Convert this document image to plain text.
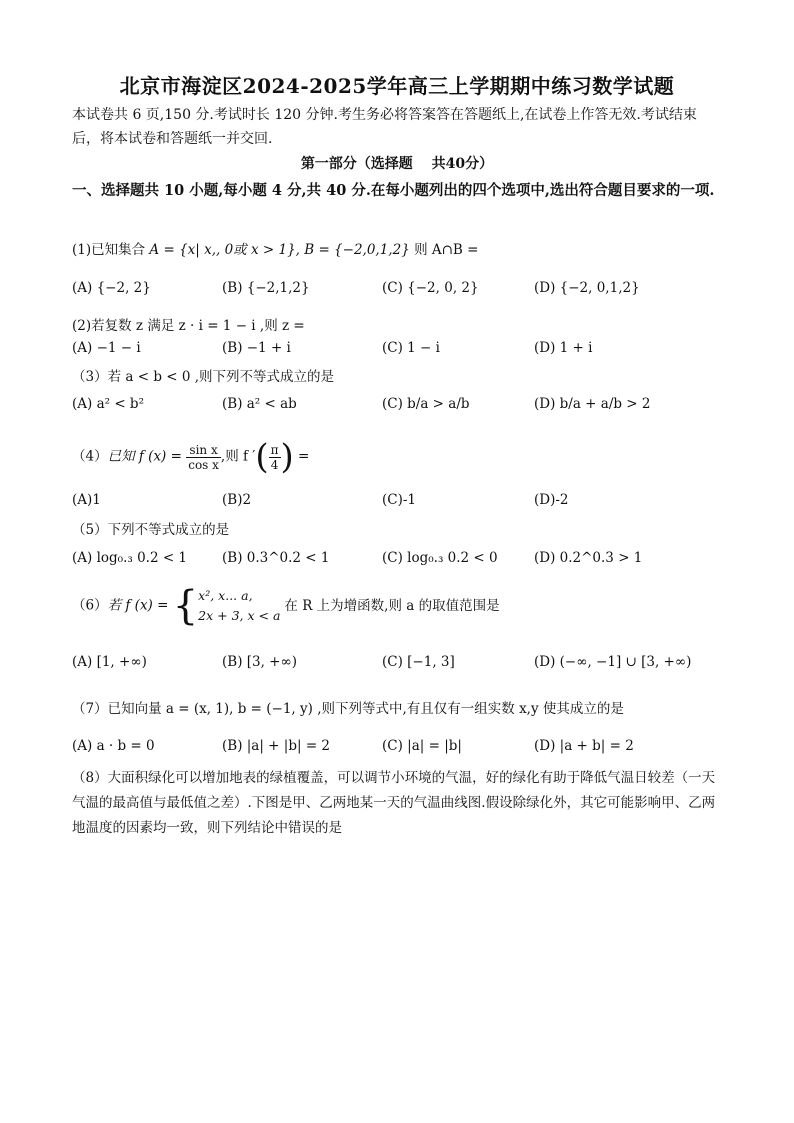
北京市海淀区2024-2025学年高三上学期期中练习数学试题
本试卷共 6 页,150 分.考试时长 120 分钟.考生务必将答案答在答题纸上,在试卷上作答无效.考试结束后，将本试卷和答题纸一并交回.
第一部分（选择题　 共40分）
一、选择题共 10 小题,每小题 4 分,共 40 分.在每小题列出的四个选项中,选出符合题目要求的一项.
(1)已知集合 A = {x| x,, 0或 x > 1}, B = {−2,0,1,2} 则 A∩B =
(A) {−2, 2}	(B) {−2,1,2}	(C) {−2, 0, 2}	(D) {−2, 0,1,2}
(2)若复数 z 满足 z · i = 1 − i ,则 z =
(A) −1 − i	(B) −1 + i	(C) 1 − i	(D) 1 + i
（3）若 a < b < 0 ,则下列不等式成立的是
(A) a² < b²	(B) a² < ab	(C) b/a > a/b	(D) b/a + a/b > 2
（4）已知 f $(x) = \frac{\text{sin x}}{\text{cos x}}$ ,则 f ′( $\frac{\pi}{4}$ ) =
(A)1	(B)2	(C)-1	(D)-2
（5）下列不等式成立的是
(A) log₀.₃ 0.2 < 1	(B) 0.3^0.2 < 1	(C) log₀.₃ 0.2 < 0	(D) 0.2^0.3 > 1
（6）若 f (x) = { x², x... a,
2x + 3, x < a
在 R 上为增函数,则 a 的取值范围是
(A) [1, +∞)	(B) [3, +∞)	(C) [−1, 3]	(D) (−∞, −1] ∪ [3, +∞)
（7）已知向量 a = (x, 1), b = (−1, y) ,则下列等式中,有且仅有一组实数 x,y 使其成立的是
(A) a · b = 0	(B) |a| + |b| = 2	(C) |a| = |b|	(D) |a + b| = 2
（8）大面积绿化可以增加地表的绿植覆盖，可以调节小环境的气温，好的绿化有助于降低气温日较差（一天气温的最高值与最低值之差）.下图是甲、乙两地某一天的气温曲线图.假设除绿化外，其它可能影响甲、乙两地温度的因素均一致，则下列结论中错误的是
